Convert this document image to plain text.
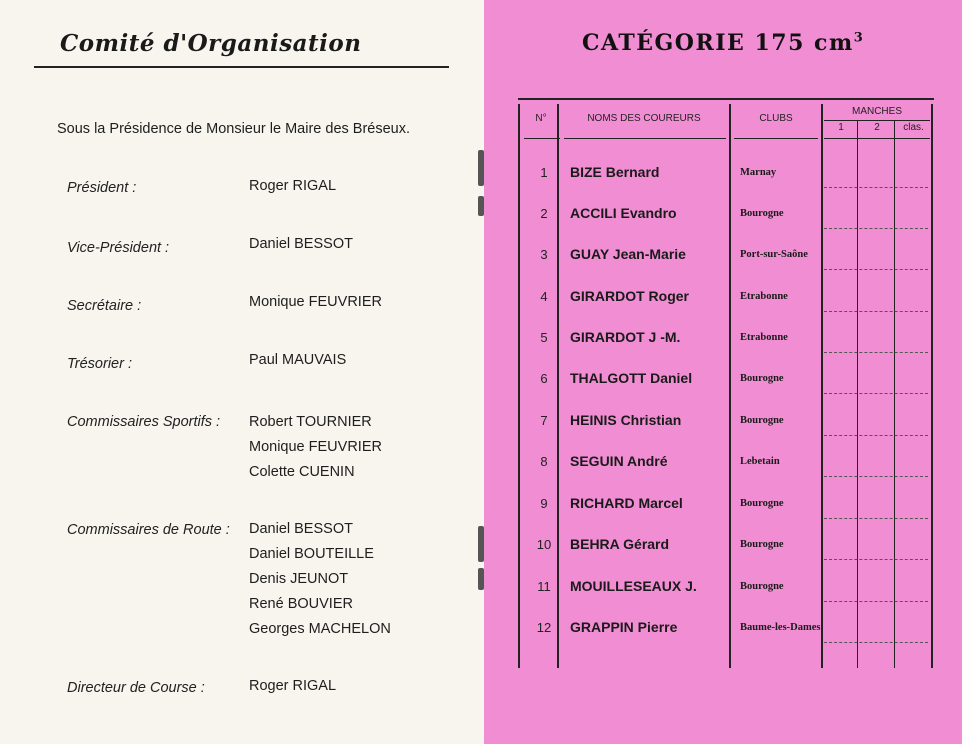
Comité d'Organisation
Sous la Présidence de Monsieur le Maire des Bréseux.
Président :	Roger RIGAL
Vice-Président :	Daniel BESSOT
Secrétaire :	Monique FEUVRIER
Trésorier :	Paul MAUVAIS
Commissaires Sportifs : Robert TOURNIER
Monique FEUVRIER
Colette CUENIN
Commissaires de Route : Daniel BESSOT
Daniel BOUTEILLE
Denis JEUNOT
René BOUVIER
Georges MACHELON
Directeur de Course :	Roger RIGAL
CATÉGORIE 175 $cm^3$
N°	NOMS DES COUREURS	CLUBS
MANCHES
1	2	clas.
1	BIZE Bernard	Marnay
2	ACCILI Evandro	Bourogne
3	GUAY Jean-Marie	Port-sur-Saône
4	GIRARDOT Roger	Etrabonne
5	GIRARDOT J -M.	Etrabonne
6	THALGOTT Daniel	Bourogne
7	HEINIS Christian	Bourogne
8	SEGUIN André	Lebetain
9	RICHARD Marcel	Bourogne
10	BEHRA Gérard	Bourogne
11	MOUILLESEAUX J.	Bourogne
12	GRAPPIN Pierre	Baume-les-Dames
